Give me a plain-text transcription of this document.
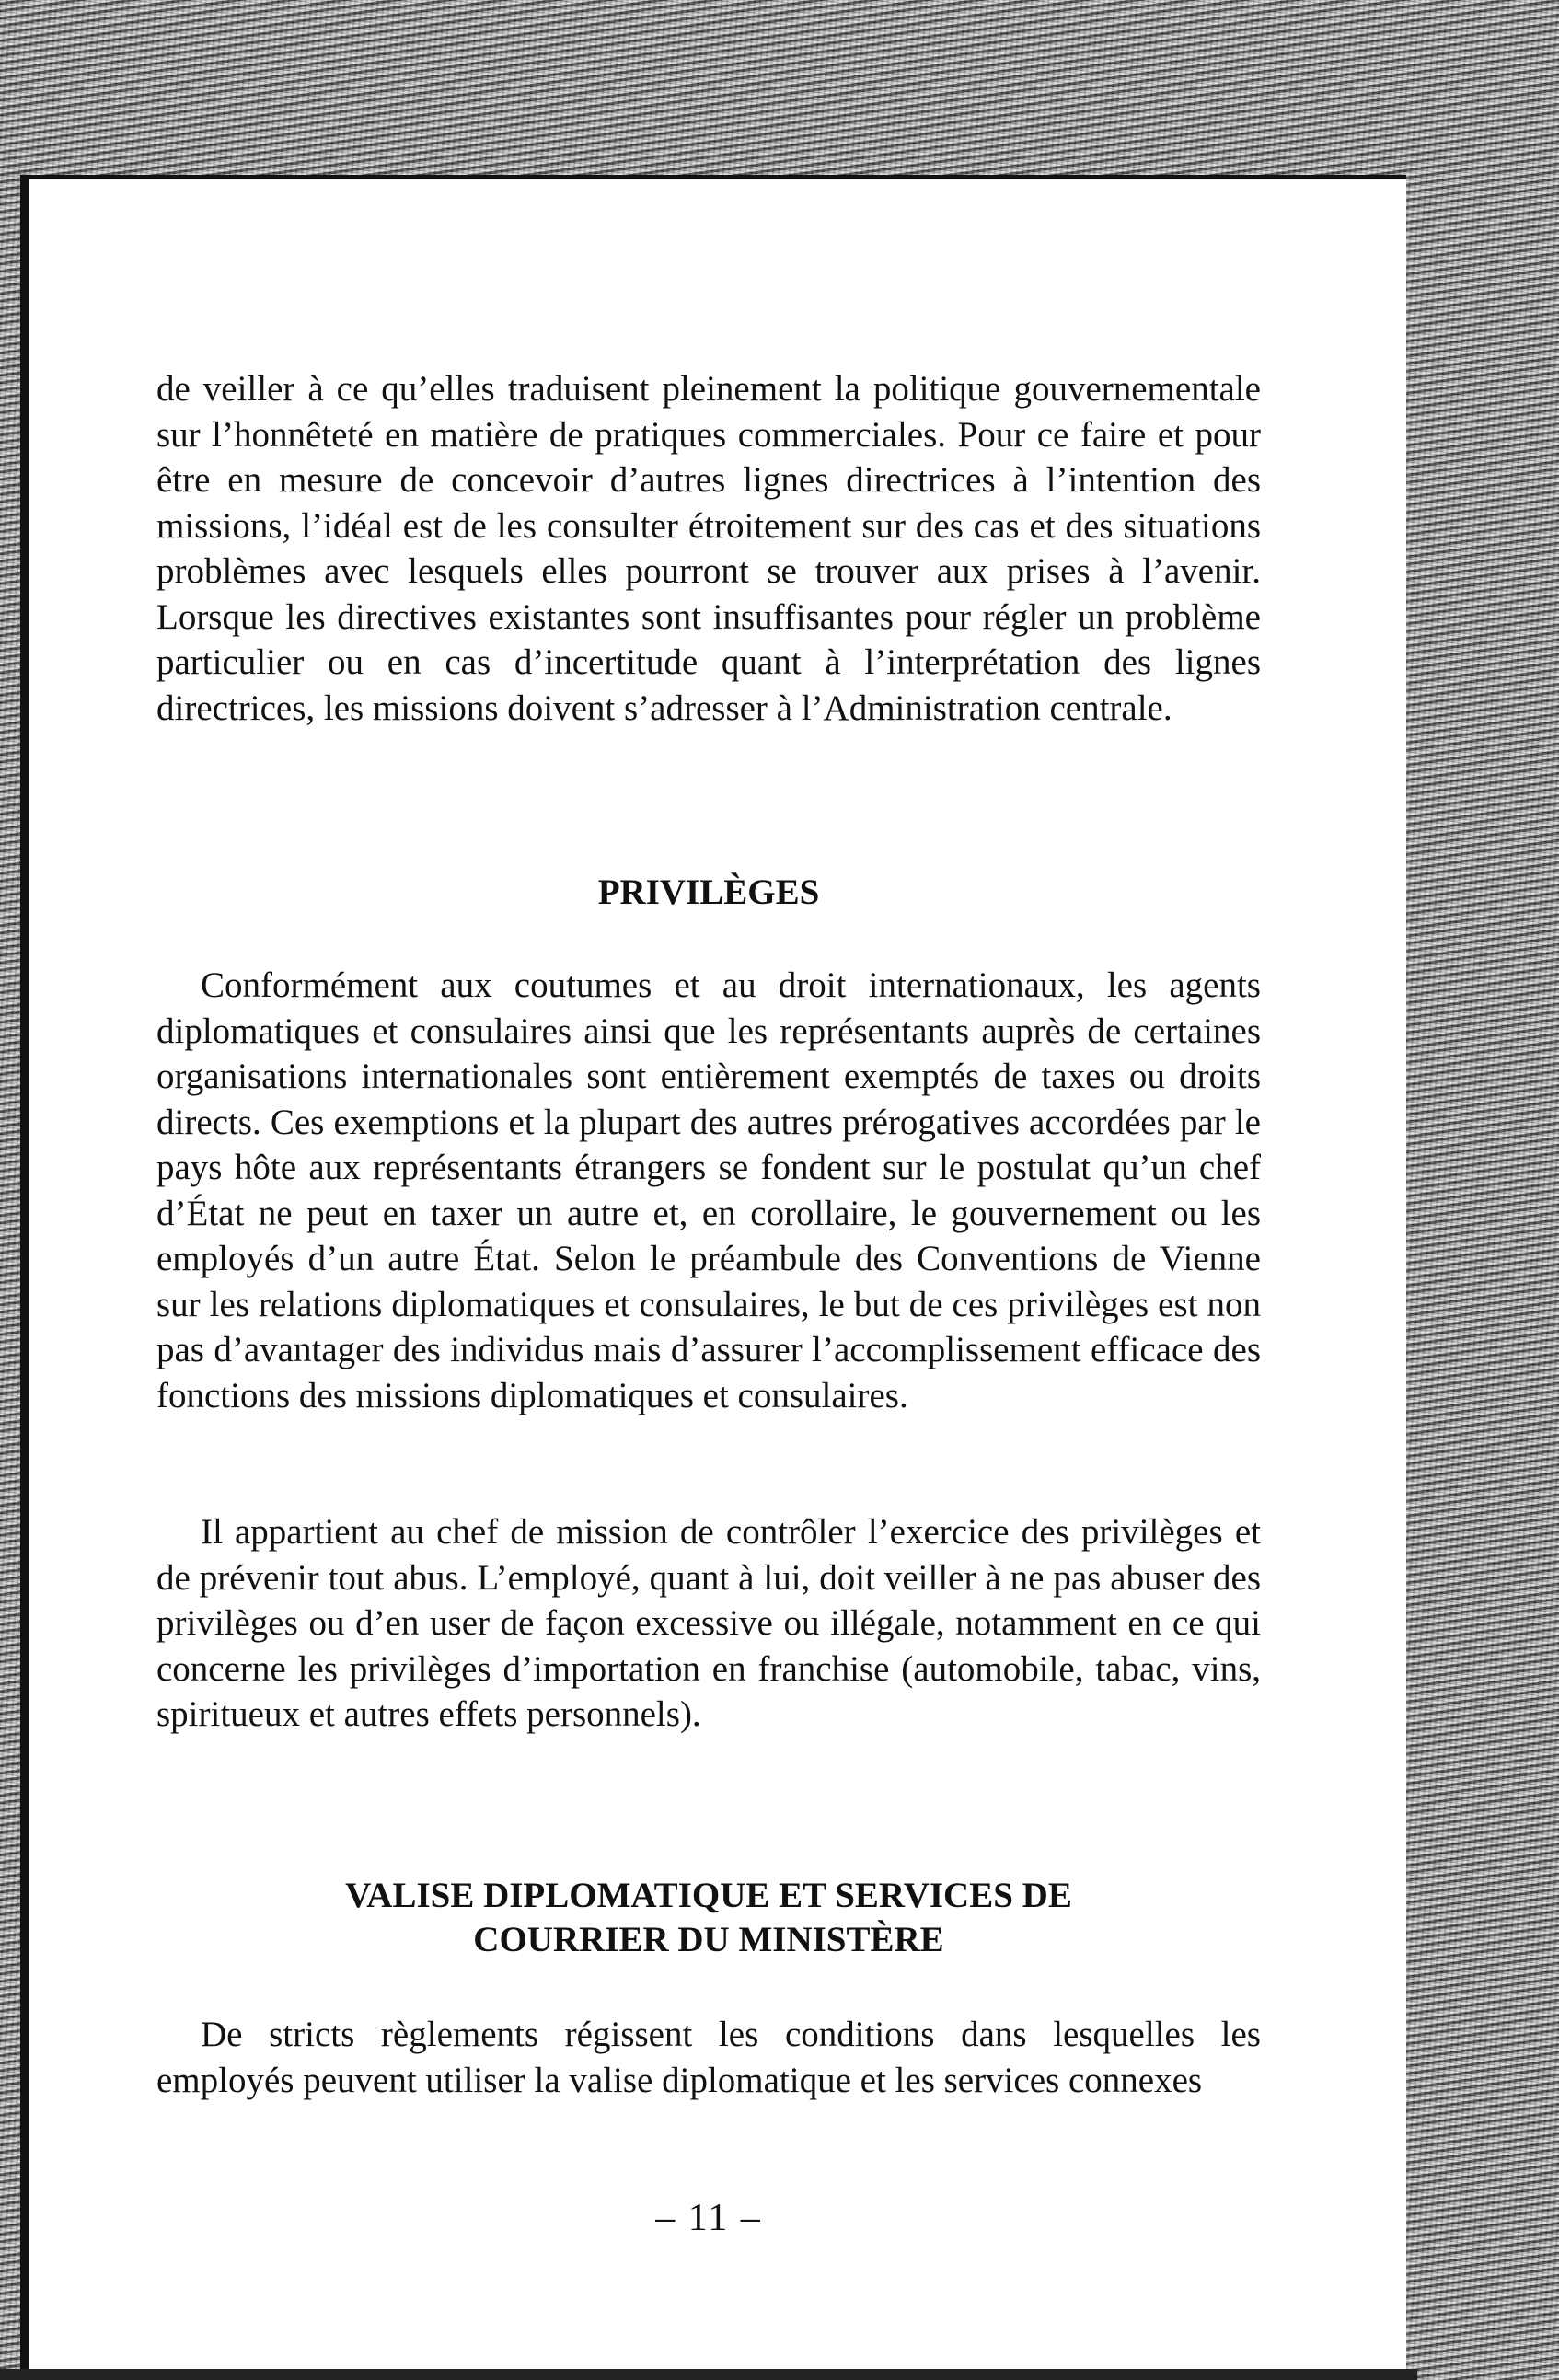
de veiller à ce qu’elles traduisent pleinement la politique gouvernementale sur l’honnêteté en matière de pratiques commerciales. Pour ce faire et pour être en mesure de concevoir d’autres lignes directrices à l’intention des missions, l’idéal est de les consulter étroitement sur des cas et des situations problèmes avec lesquels elles pourront se trouver aux prises à l’avenir. Lorsque les directives existantes sont insuffisantes pour régler un problème particulier ou en cas d’incertitude quant à l’interprétation des lignes directrices, les missions doivent s’adresser à l’Administration centrale.

PRIVILÈGES

Conformément aux coutumes et au droit internationaux, les agents diplomatiques et consulaires ainsi que les représentants auprès de certaines organisations internationales sont entièrement exemptés de taxes ou droits directs. Ces exemptions et la plupart des autres prérogatives accordées par le pays hôte aux représentants étrangers se fondent sur le postulat qu’un chef d’État ne peut en taxer un autre et, en corollaire, le gouvernement ou les employés d’un autre État. Selon le préambule des Conventions de Vienne sur les relations diplomatiques et consulaires, le but de ces privilèges est non pas d’avantager des individus mais d’assurer l’accomplissement efficace des fonctions des missions diplomatiques et consulaires.

Il appartient au chef de mission de contrôler l’exercice des privilèges et de prévenir tout abus. L’employé, quant à lui, doit veiller à ne pas abuser des privilèges ou d’en user de façon excessive ou illégale, notamment en ce qui concerne les privilèges d’importation en franchise (automobile, tabac, vins, spiritueux et autres effets personnels).

VALISE DIPLOMATIQUE ET SERVICES DE
COURRIER DU MINISTÈRE

De stricts règlements régissent les conditions dans lesquelles les employés peuvent utiliser la valise diplomatique et les services connexes

– 11 –
